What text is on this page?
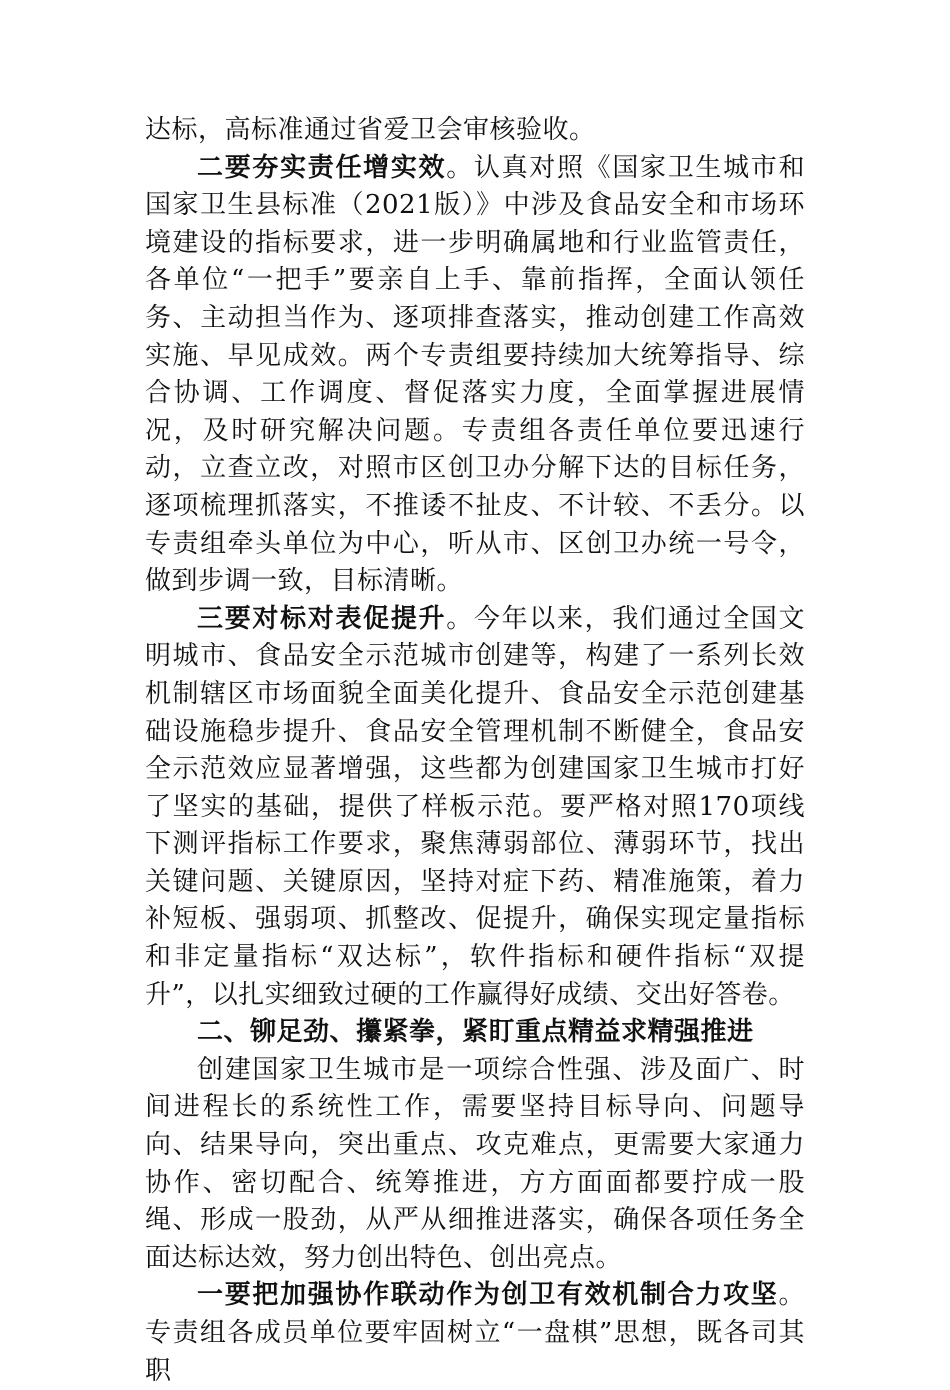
达标，高标准通过省爱卫会审核验收。

二要夯实责任增实效。认真对照《国家卫生城市和国家卫生县标准（2021版）》中涉及食品安全和市场环境建设的指标要求，进一步明确属地和行业监管责任，各单位“一把手”要亲自上手、靠前指挥，全面认领任务、主动担当作为、逐项排查落实，推动创建工作高效实施、早见成效。两个专责组要持续加大统筹指导、综合协调、工作调度、督促落实力度，全面掌握进展情况，及时研究解决问题。专责组各责任单位要迅速行动，立查立改，对照市区创卫办分解下达的目标任务，逐项梳理抓落实，不推诿不扯皮、不计较、不丢分。以专责组牵头单位为中心，听从市、区创卫办统一号令，做到步调一致，目标清晰。

三要对标对表促提升。今年以来，我们通过全国文明城市、食品安全示范城市创建等，构建了一系列长效机制辖区市场面貌全面美化提升、食品安全示范创建基础设施稳步提升、食品安全管理机制不断健全，食品安全示范效应显著增强，这些都为创建国家卫生城市打好了坚实的基础，提供了样板示范。要严格对照170项线下测评指标工作要求，聚焦薄弱部位、薄弱环节，找出关键问题、关键原因，坚持对症下药、精准施策，着力补短板、强弱项、抓整改、促提升，确保实现定量指标和非定量指标“双达标”，软件指标和硬件指标“双提升”，以扎实细致过硬的工作赢得好成绩、交出好答卷。

二、铆足劲、攥紧拳，紧盯重点精益求精强推进

创建国家卫生城市是一项综合性强、涉及面广、时间进程长的系统性工作，需要坚持目标导向、问题导向、结果导向，突出重点、攻克难点，更需要大家通力协作、密切配合、统筹推进，方方面面都要拧成一股绳、形成一股劲，从严从细推进落实，确保各项任务全面达标达效，努力创出特色、创出亮点。

一要把加强协作联动作为创卫有效机制合力攻坚。专责组各成员单位要牢固树立“一盘棋”思想，既各司其职
